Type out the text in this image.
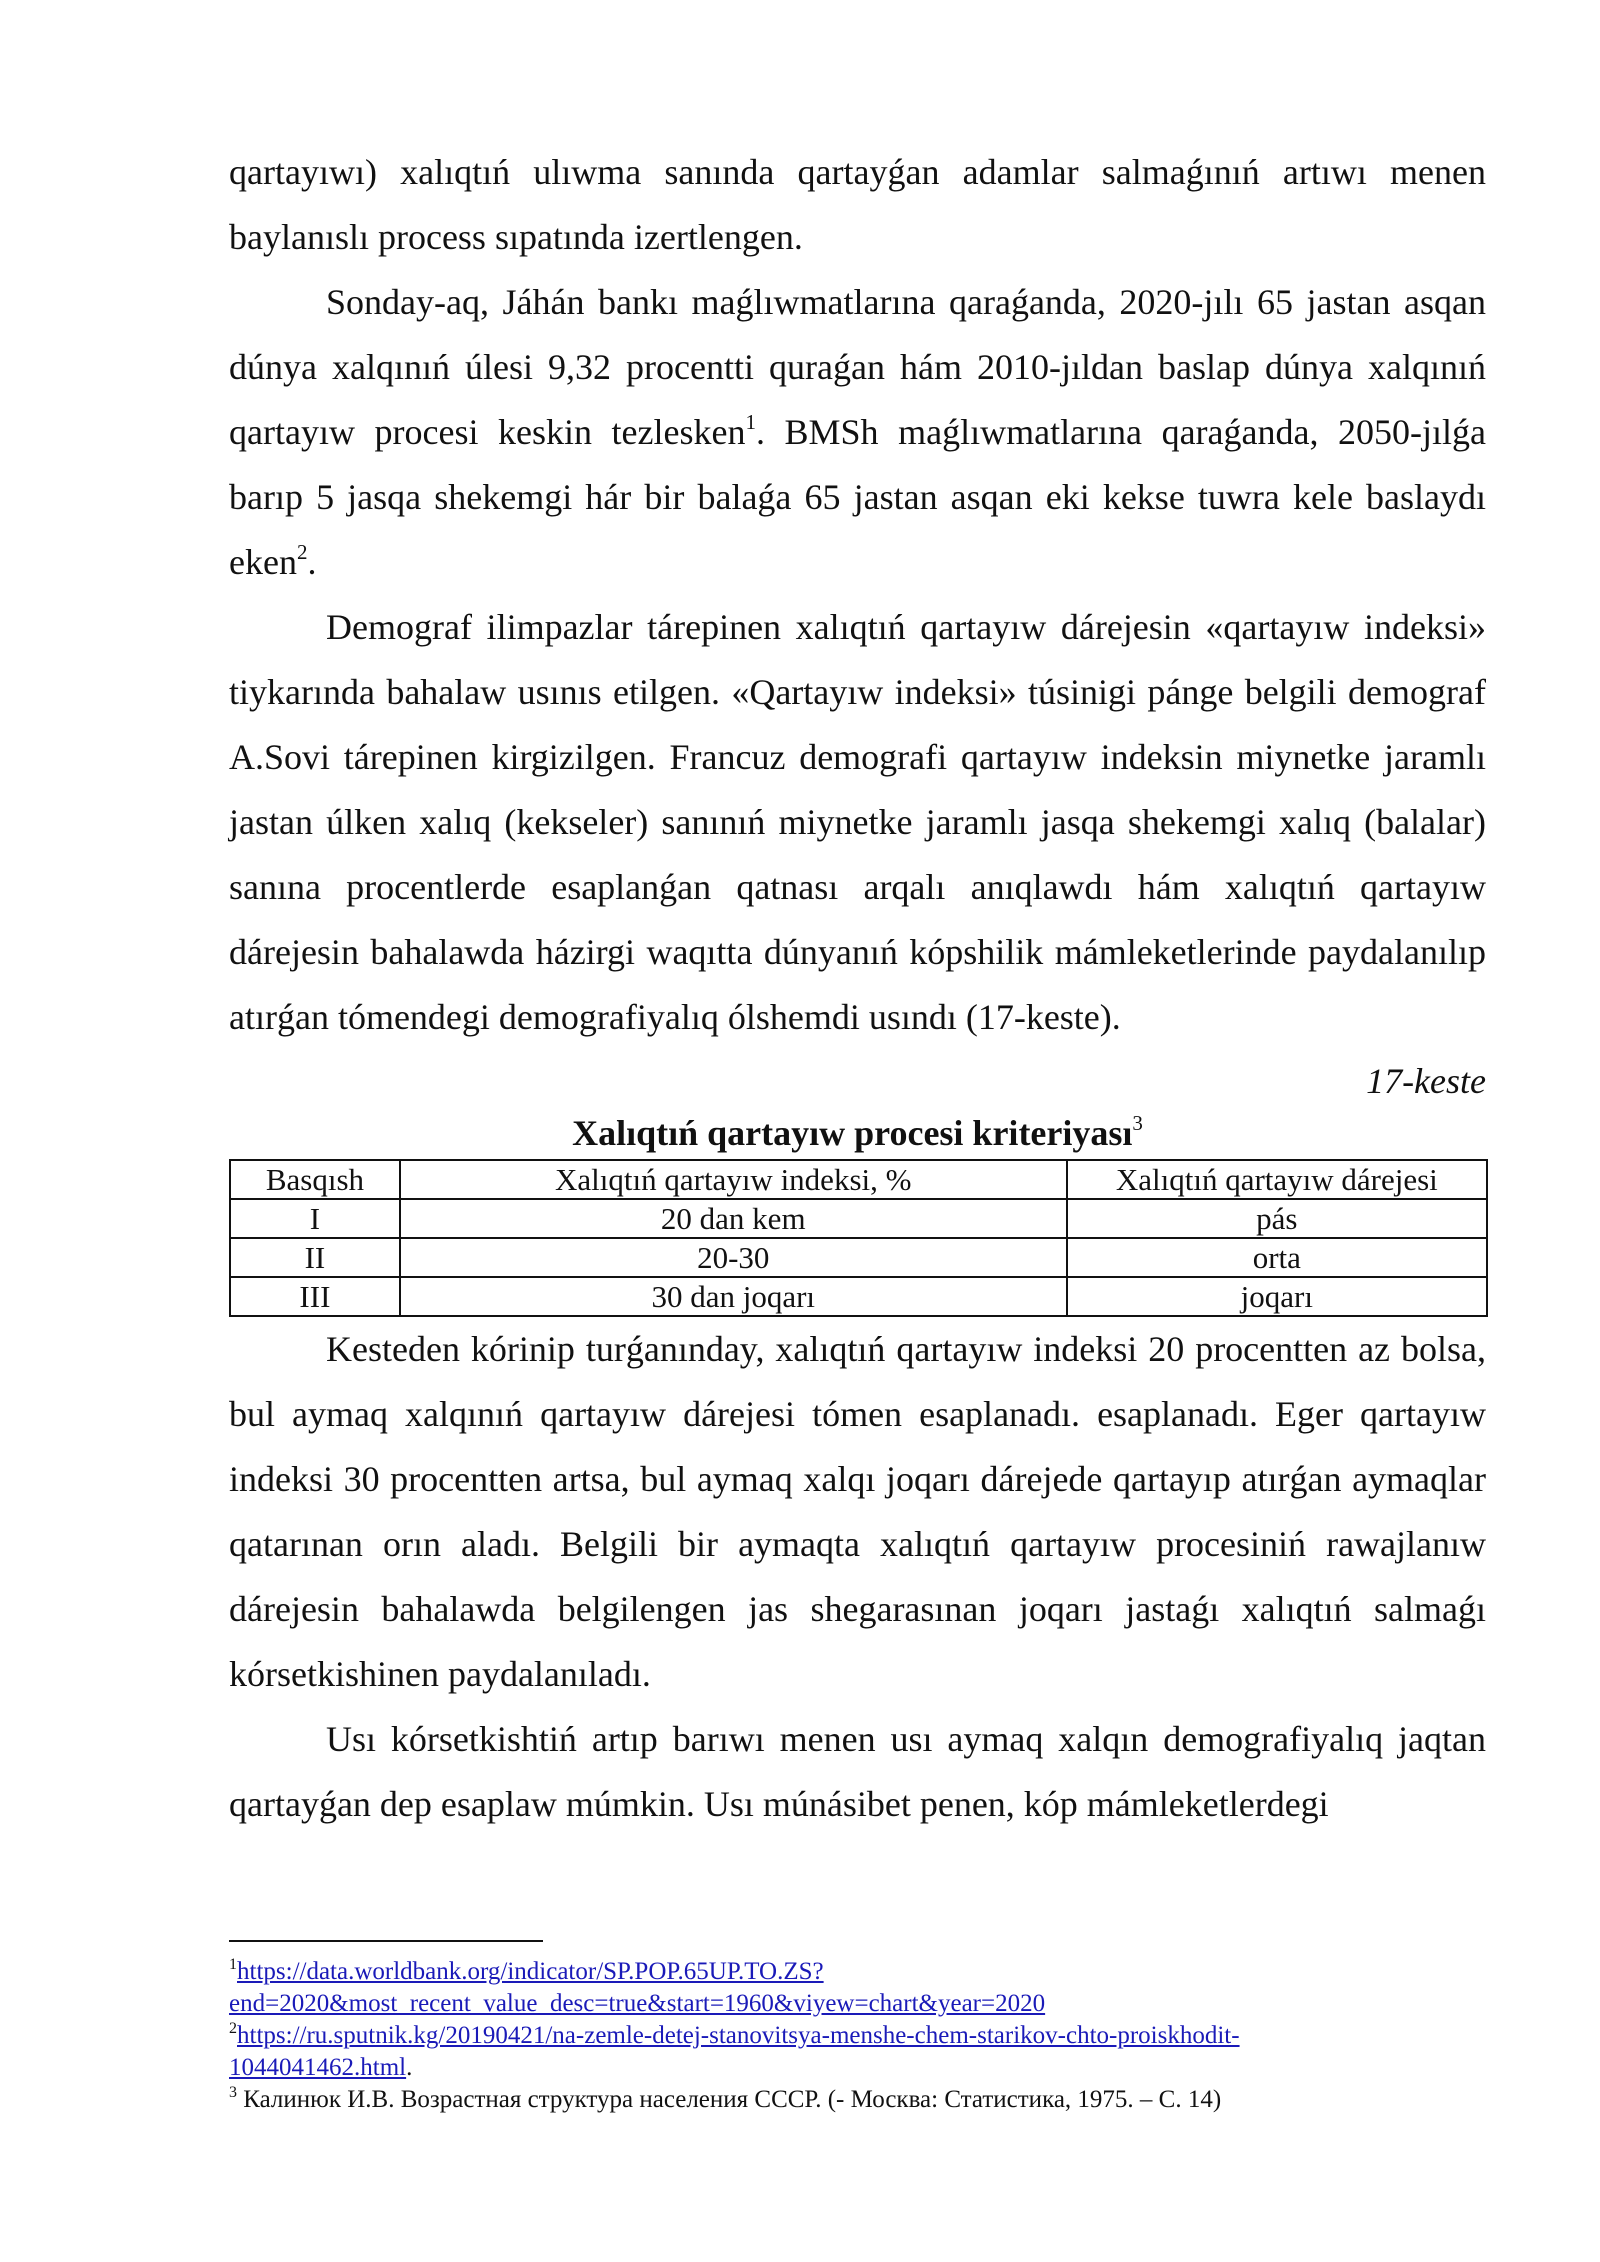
qartayıwı) xalıqtıń ulıwma sanında qartayǵan adamlar salmaǵınıń artıwı menen baylanıslı process sıpatında izertlengen.

Sonday-aq, Jáhán bankı maǵlıwmatlarına qaraǵanda, 2020-jılı 65 jastan asqan dúnya xalqınıń úlesi 9,32 procentti quraǵan hám 2010-jıldan baslap dúnya xalqınıń qartayıw procesi keskin tezlesken$^1$. BMSh maǵlıwmatlarına qaraǵanda, 2050-jılǵa barıp 5 jasqa shekemgi hár bir balaǵa 65 jastan asqan eki kekse tuwra kele baslaydı eken$^2$.

Demograf ilimpazlar tárepinen xalıqtıń qartayıw dárejesin «qartayıw indeksi» tiykarında bahalaw usınıs etilgen. «Qartayıw indeksi» túsinigi pánge belgili demograf A.Sovi tárepinen kirgizilgen. Francuz demografi qartayıw indeksin miynetke jaramlı jastan úlken xalıq (kekseler) sanınıń miynetke jaramlı jasqa shekemgi xalıq (balalar) sanına procentlerde esaplanǵan qatnası arqalı anıqlawdı hám xalıqtıń qartayıw dárejesin bahalawda házirgi waqıtta dúnyanıń kópshilik mámleketlerinde paydalanılıp atırǵan tómendegi demografiyalıq ólshemdi usındı (17-keste).

17-keste
Xalıqtıń qartayıw procesi kriteriyası$^3$
Basqısh	Xalıqtıń qartayıw indeksi, %	Xalıqtıń qartayıw dárejesi
I	20 dan kem	pás
II	20-30	orta
III	30 dan joqarı	joqarı

Kesteden kórinip turǵanınday, xalıqtıń qartayıw indeksi 20 procentten az bolsa, bul aymaq xalqınıń qartayıw dárejesi tómen esaplanadı. esaplanadı. Eger qartayıw indeksi 30 procentten artsa, bul aymaq xalqı joqarı dárejede qartayıp atırǵan aymaqlar qatarınan orın aladı. Belgili bir aymaqta xalıqtıń qartayıw procesiniń rawajlanıw dárejesin bahalawda belgilengen jas shegarasınan joqarı jastaǵı xalıqtıń salmaǵı kórsetkishinen paydalanıladı.

Usı kórsetkishtiń artıp barıwı menen usı aymaq xalqın demografiyalıq jaqtan qartayǵan dep esaplaw múmkin. Usı múnásibet penen, kóp mámleketlerdegi

$^1$https://data.worldbank.org/indicator/SP.POP.65UP.TO.ZS?
end=2020&most_recent_value_desc=true&start=1960&viyew=chart&year=2020
$^2$https://ru.sputnik.kg/20190421/na-zemle-detej-stanovitsya-menshe-chem-starikov-chto-proiskhodit-
1044041462.html.
$^3$ Калинюк И.В. Возрастная структура населения СССР. (- Москва: Статистика, 1975. – С. 14)
